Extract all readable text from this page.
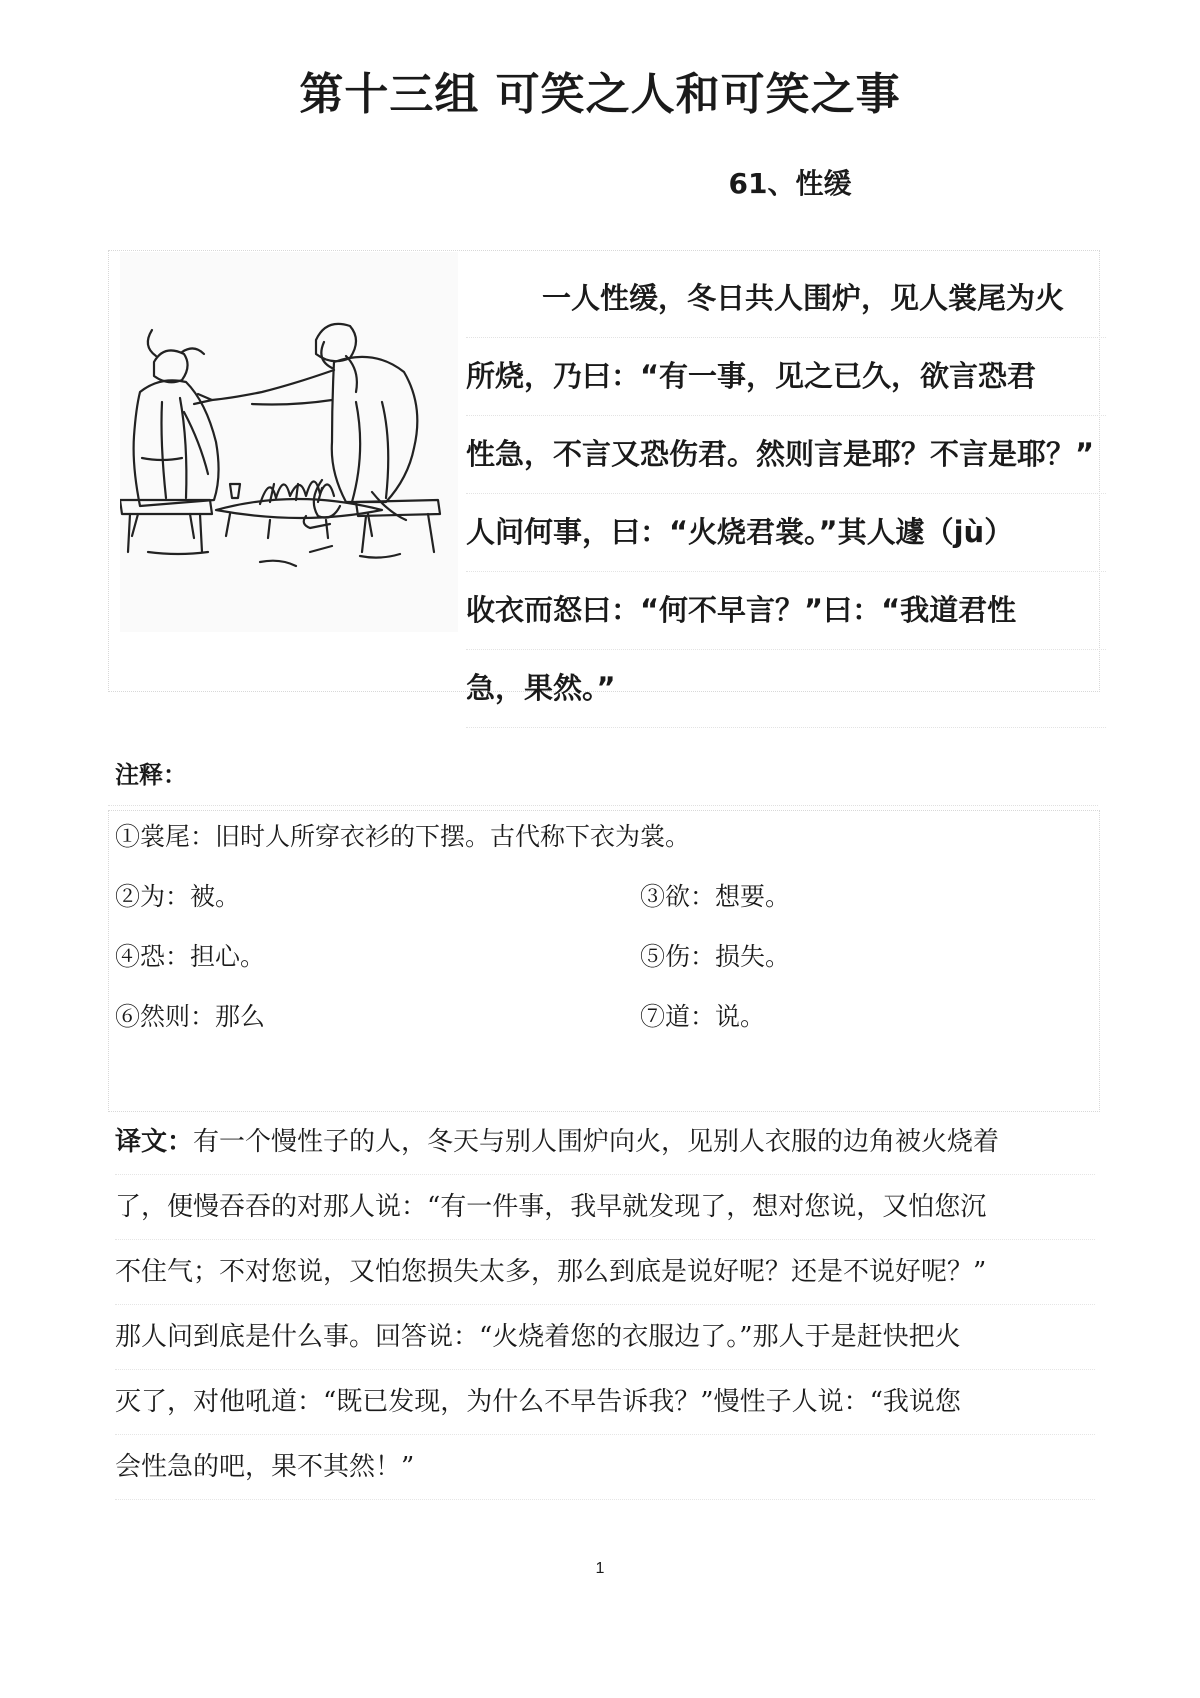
第十三组 可笑之人和可笑之事
61、性缓
一人性缓，冬日共人围炉，见人裳尾为火
所烧，乃曰：“有一事，见之已久，欲言恐君
性急，不言又恐伤君。然则言是耶？不言是耶？”
人问何事，曰：“火烧君裳。”其人遽（jù）
收衣而怒曰：“何不早言？”曰：“我道君性
急，果然。”
注释：
①裳尾：旧时人所穿衣衫的下摆。古代称下衣为裳。
②为：被。	③欲：想要。
④恐：担心。	⑤伤：损失。
⑥然则：那么	⑦道：说。
译文：有一个慢性子的人，冬天与别人围炉向火，见别人衣服的边角被火烧着
了，便慢吞吞的对那人说：“有一件事，我早就发现了，想对您说，又怕您沉
不住气；不对您说，又怕您损失太多，那么到底是说好呢？还是不说好呢？”
那人问到底是什么事。回答说：“火烧着您的衣服边了。”那人于是赶快把火
灭了，对他吼道：“既已发现，为什么不早告诉我？”慢性子人说：“我说您
会性急的吧，果不其然！”
1
